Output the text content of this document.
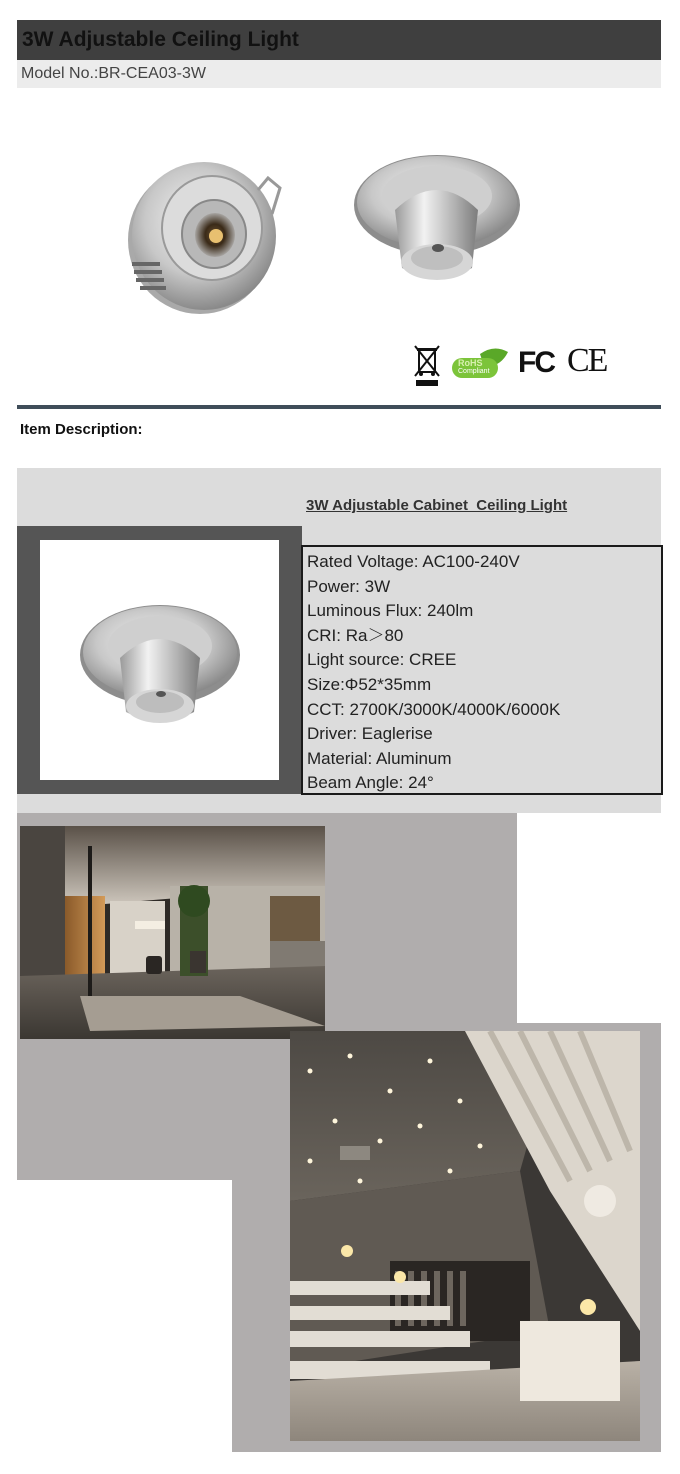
3W Adjustable Ceiling Light
Model No.:BR-CEA03-3W
RoHS
Compliant FC CE
Item Description:
3W Adjustable Cabinet  Ceiling Light
Rated Voltage: AC100-240V
Power: 3W
Luminous Flux: 240lm
CRI: Ra＞80
Light source: CREE
Size:Φ52*35mm
CCT: 2700K/3000K/4000K/6000K
Driver: Eaglerise
Material: Aluminum
Beam Angle: 24°
